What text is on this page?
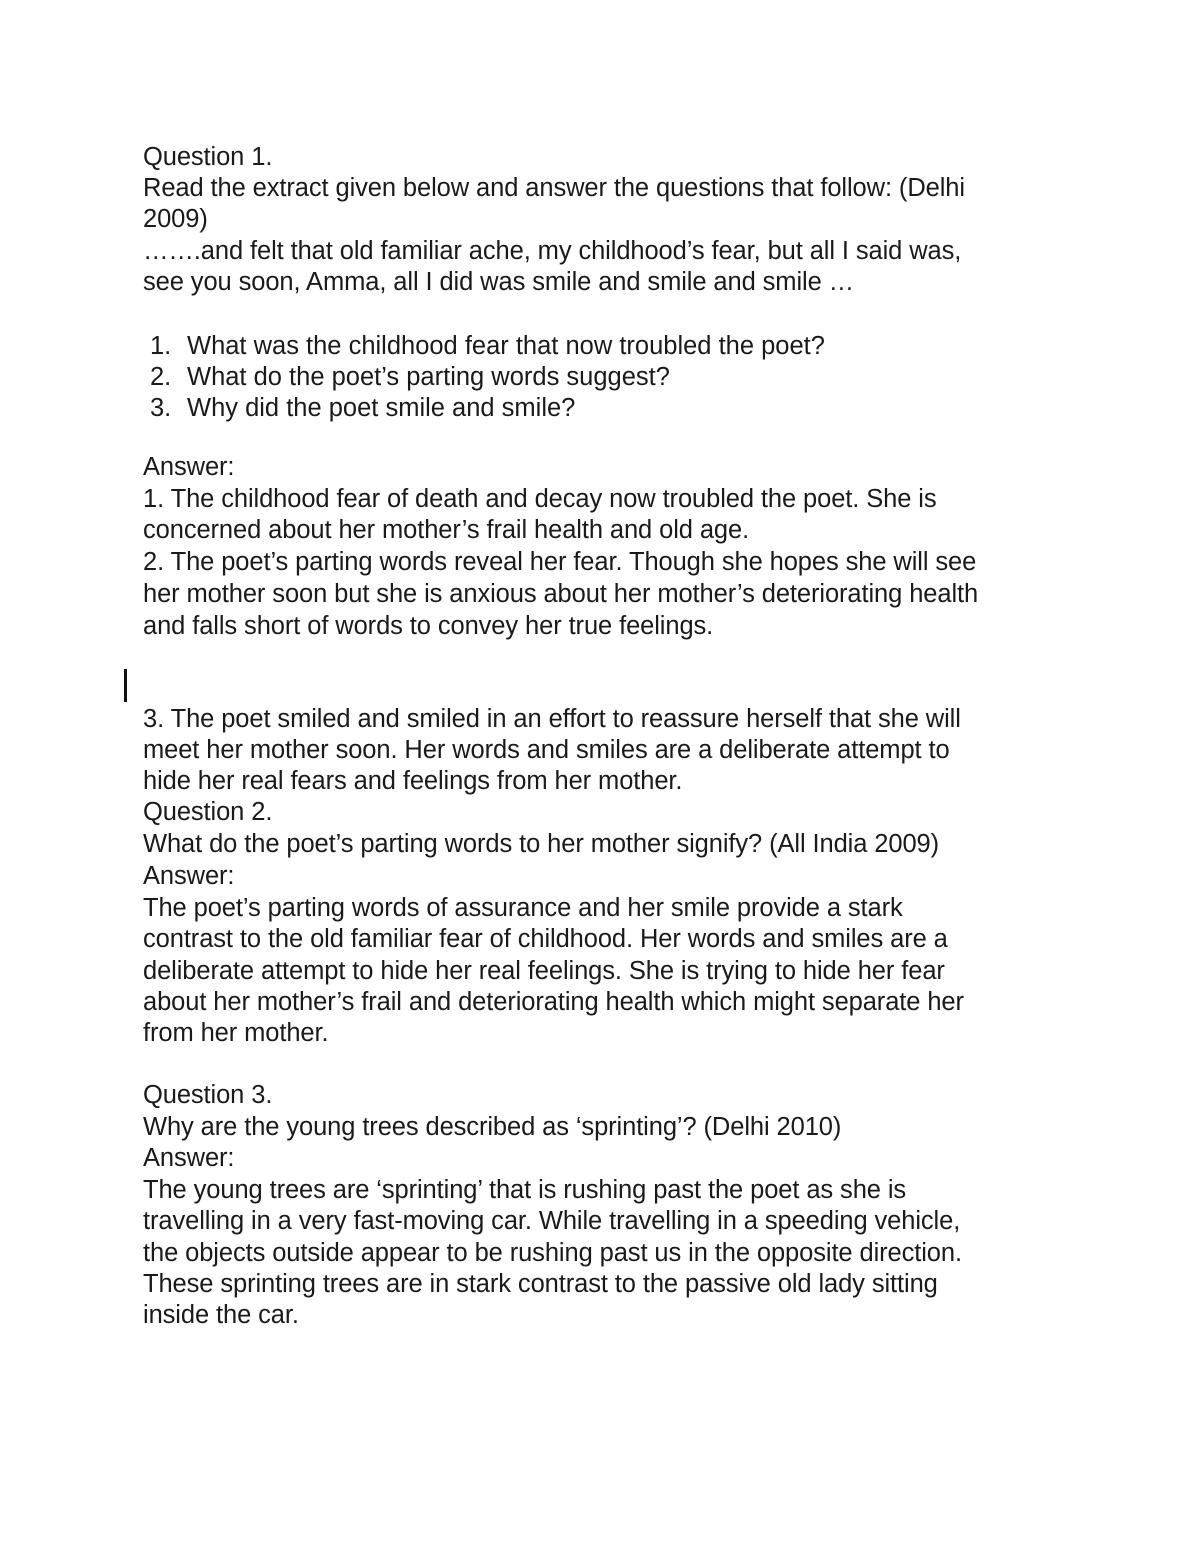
Question 1.
Read the extract given below and answer the questions that follow: (Delhi
2009)
…….and felt that old familiar ache, my childhood’s fear, but all I said was,
see you soon, Amma, all I did was smile and smile and smile …
1. What was the childhood fear that now troubled the poet?
2. What do the poet’s parting words suggest?
3. Why did the poet smile and smile?
Answer:
1. The childhood fear of death and decay now troubled the poet. She is
concerned about her mother’s frail health and old age.
2. The poet’s parting words reveal her fear. Though she hopes she will see
her mother soon but she is anxious about her mother’s deteriorating health
and falls short of words to convey her true feelings.
3. The poet smiled and smiled in an effort to reassure herself that she will
meet her mother soon. Her words and smiles are a deliberate attempt to
hide her real fears and feelings from her mother.
Question 2.
What do the poet’s parting words to her mother signify? (All India 2009)
Answer:
The poet’s parting words of assurance and her smile provide a stark
contrast to the old familiar fear of childhood. Her words and smiles are a
deliberate attempt to hide her real feelings. She is trying to hide her fear
about her mother’s frail and deteriorating health which might separate her
from her mother.
Question 3.
Why are the young trees described as ‘sprinting’? (Delhi 2010)
Answer:
The young trees are ‘sprinting’ that is rushing past the poet as she is
travelling in a very fast-moving car. While travelling in a speeding vehicle,
the objects outside appear to be rushing past us in the opposite direction.
These sprinting trees are in stark contrast to the passive old lady sitting
inside the car.
